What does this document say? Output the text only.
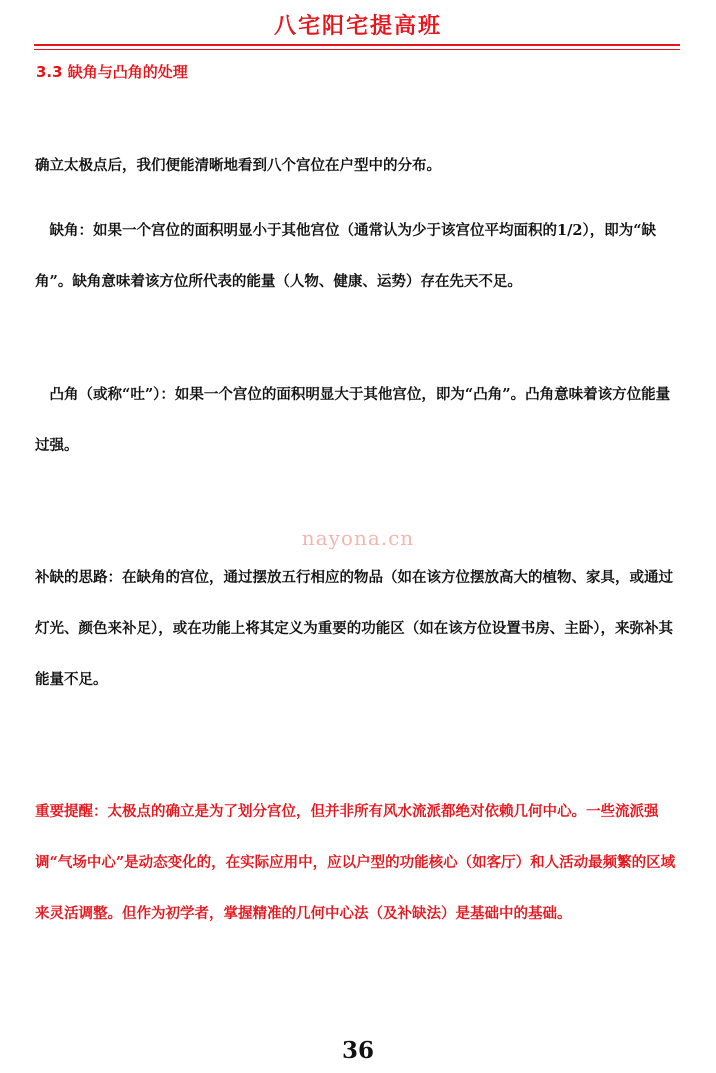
八宅阳宅提高班
3.3 缺角与凸角的处理

确立太极点后，我们便能清晰地看到八个宫位在户型中的分布。

缺角：如果一个宫位的面积明显小于其他宫位（通常认为少于该宫位平均面积的1/2），即为“缺角”。缺角意味着该方位所代表的能量（人物、健康、运势）存在先天不足。

凸角（或称“吐”）：如果一个宫位的面积明显大于其他宫位，即为“凸角”。凸角意味着该方位能量过强。

nayona.cn

补缺的思路：在缺角的宫位，通过摆放五行相应的物品（如在该方位摆放高大的植物、家具，或通过灯光、颜色来补足），或在功能上将其定义为重要的功能区（如在该方位设置书房、主卧），来弥补其能量不足。

重要提醒：太极点的确立是为了划分宫位，但并非所有风水流派都绝对依赖几何中心。一些流派强调“气场中心”是动态变化的，在实际应用中，应以户型的功能核心（如客厅）和人活动最频繁的区域来灵活调整。但作为初学者，掌握精准的几何中心法（及补缺法）是基础中的基础。

36
